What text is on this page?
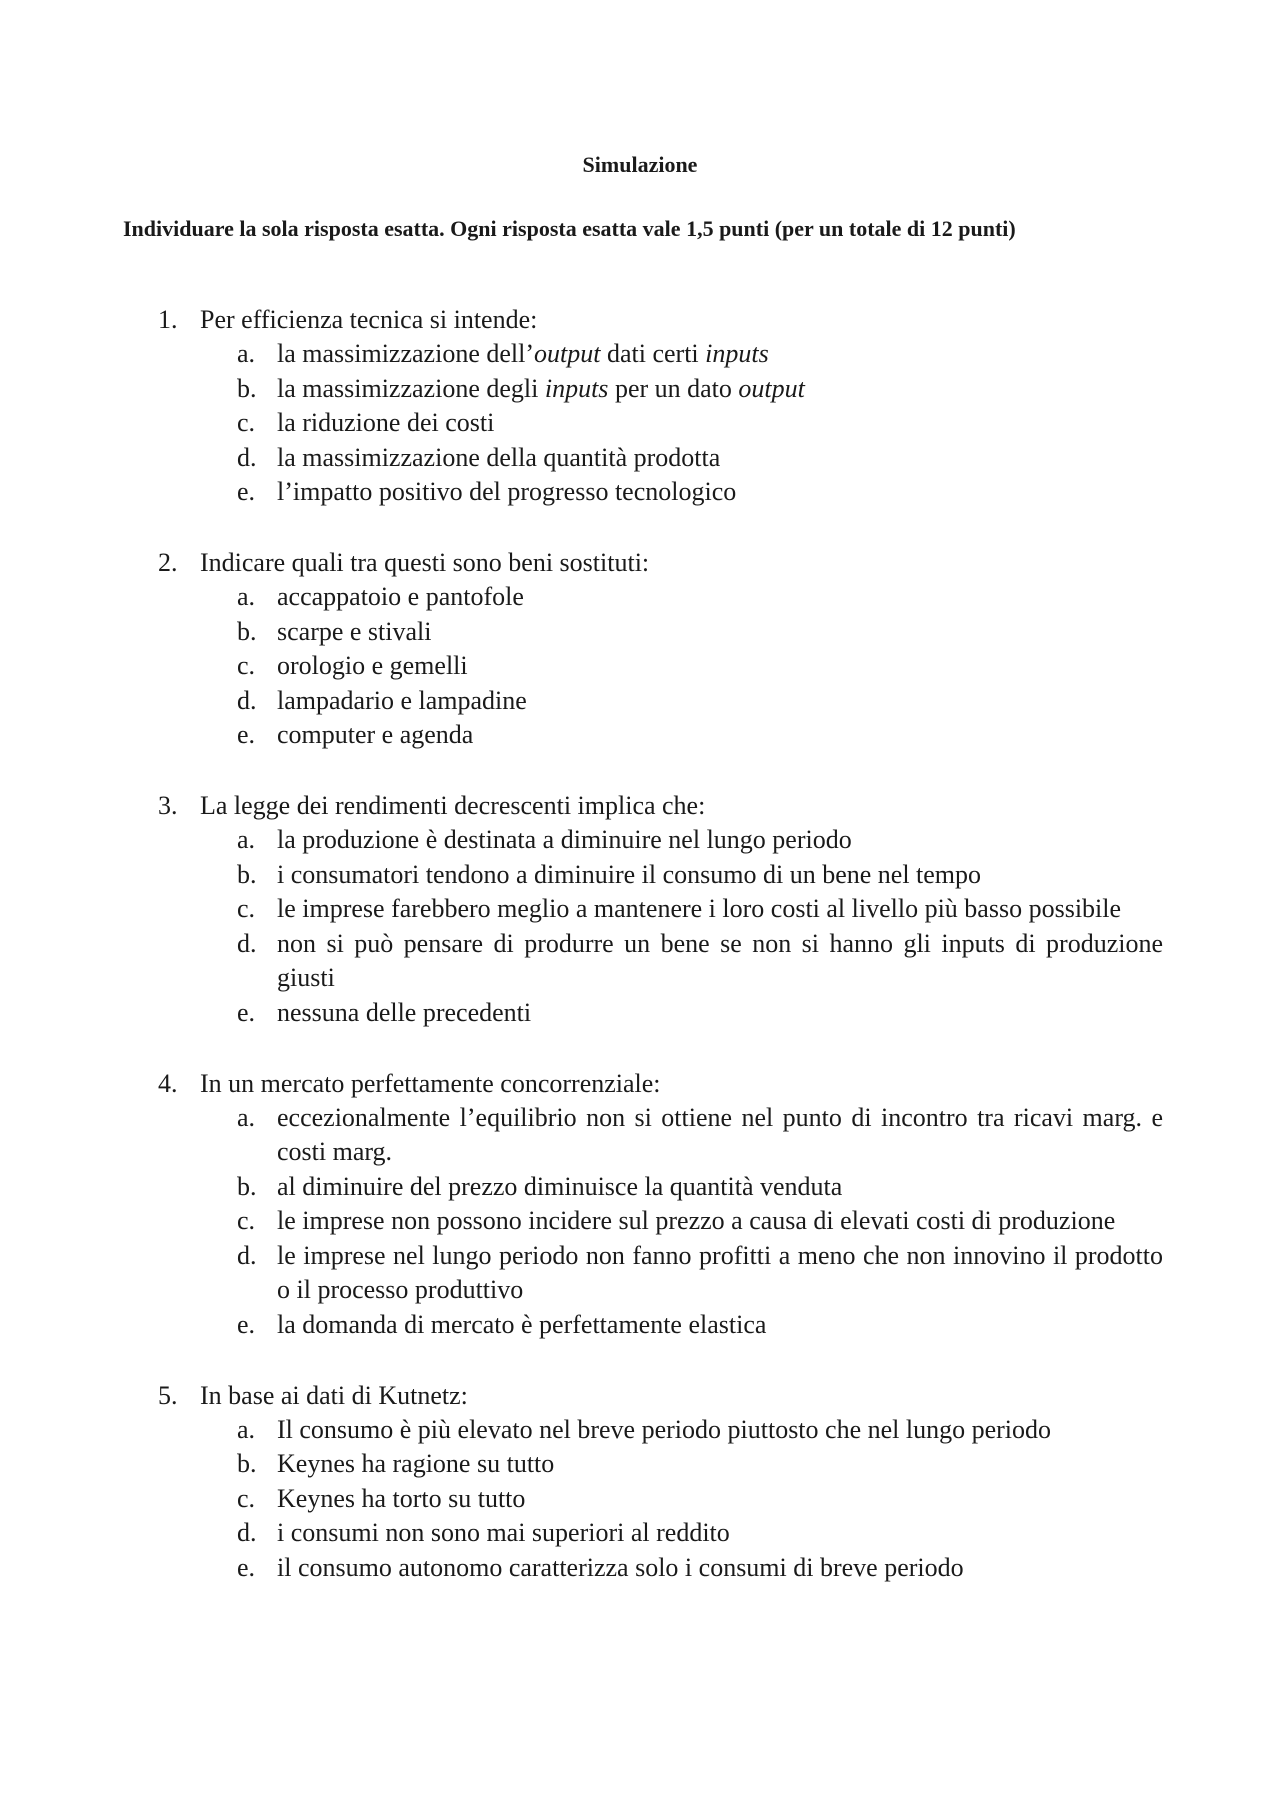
Simulazione
Individuare la sola risposta esatta. Ogni risposta esatta vale 1,5 punti (per un totale di 12 punti)
1. Per efficienza tecnica si intende:
a. la massimizzazione dell’output dati certi inputs
b. la massimizzazione degli inputs per un dato output
c. la riduzione dei costi
d. la massimizzazione della quantità prodotta
e. l’impatto positivo del progresso tecnologico
2. Indicare quali tra questi sono beni sostituti:
a. accappatoio e pantofole
b. scarpe e stivali
c. orologio e gemelli
d. lampadario e lampadine
e. computer e agenda
3. La legge dei rendimenti decrescenti implica che:
a. la produzione è destinata a diminuire nel lungo periodo
b. i consumatori tendono a diminuire il consumo di un bene nel tempo
c. le imprese farebbero meglio a mantenere i loro costi al livello più basso possibile
d. non si può pensare di produrre un bene se non si hanno gli inputs di produzione giusti
e. nessuna delle precedenti
4. In un mercato perfettamente concorrenziale:
a. eccezionalmente l’equilibrio non si ottiene nel punto di incontro tra ricavi marg. e costi marg.
b. al diminuire del prezzo diminuisce la quantità venduta
c. le imprese non possono incidere sul prezzo a causa di elevati costi di produzione
d. le imprese nel lungo periodo non fanno profitti a meno che non innovino il prodotto o il processo produttivo
e. la domanda di mercato è perfettamente elastica
5. In base ai dati di Kutnetz:
a. Il consumo è più elevato nel breve periodo piuttosto che nel lungo periodo
b. Keynes ha ragione su tutto
c. Keynes ha torto su tutto
d. i consumi non sono mai superiori al reddito
e. il consumo autonomo caratterizza solo i consumi di breve periodo
